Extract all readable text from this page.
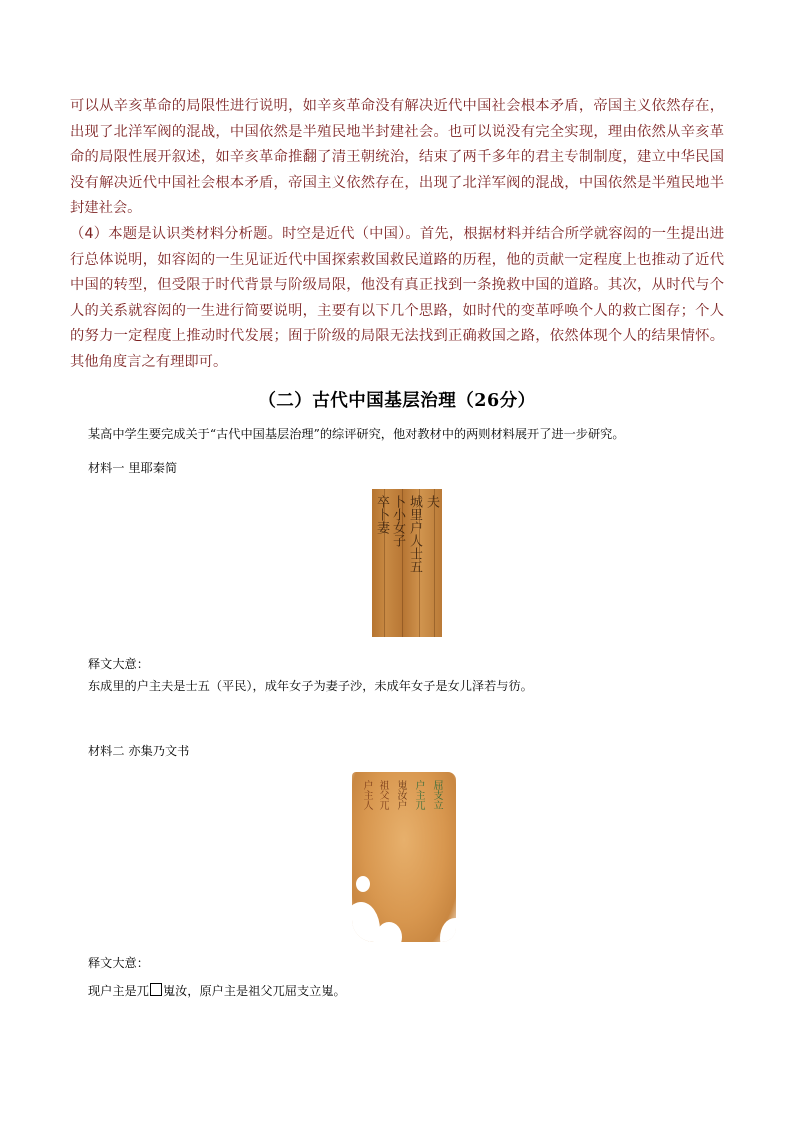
可以从辛亥革命的局限性进行说明，如辛亥革命没有解决近代中国社会根本矛盾，帝国主义依然存在，出现了北洋军阀的混战，中国依然是半殖民地半封建社会。也可以说没有完全实现，理由依然从辛亥革命的局限性展开叙述，如辛亥革命推翻了清王朝统治，结束了两千多年的君主专制制度，建立中华民国没有解决近代中国社会根本矛盾，帝国主义依然存在，出现了北洋军阀的混战，中国依然是半殖民地半封建社会。

（4）本题是认识类材料分析题。时空是近代（中国）。首先，根据材料并结合所学就容闳的一生提出进行总体说明，如容闳的一生见证近代中国探索救国救民道路的历程，他的贡献一定程度上也推动了近代中国的转型，但受限于时代背景与阶级局限，他没有真正找到一条挽救中国的道路。其次，从时代与个人的关系就容闳的一生进行简要说明，主要有以下几个思路，如时代的变革呼唤个人的救亡图存；个人的努力一定程度上推动时代发展；囿于阶级的局限无法找到正确救国之路，依然体现个人的结果情怀。其他角度言之有理即可。

（二）古代中国基层治理（26分）

某高中学生要完成关于“古代中国基层治理”的综评研究，他对教材中的两则材料展开了进一步研究。

材料一 里耶秦简

卒卜妻 卜小女子 城里户人士五 夫

释文大意：

东成里的户主夫是士五（平民），成年女子为妻子沙，未成年女子是女儿泽若与彷。

材料二 亦集乃文书

户主人 祖父兀 嵬汝户 户主兀 屈支立

释文大意：

现户主是兀 嵬汝，原户主是祖父兀屈支立嵬。
